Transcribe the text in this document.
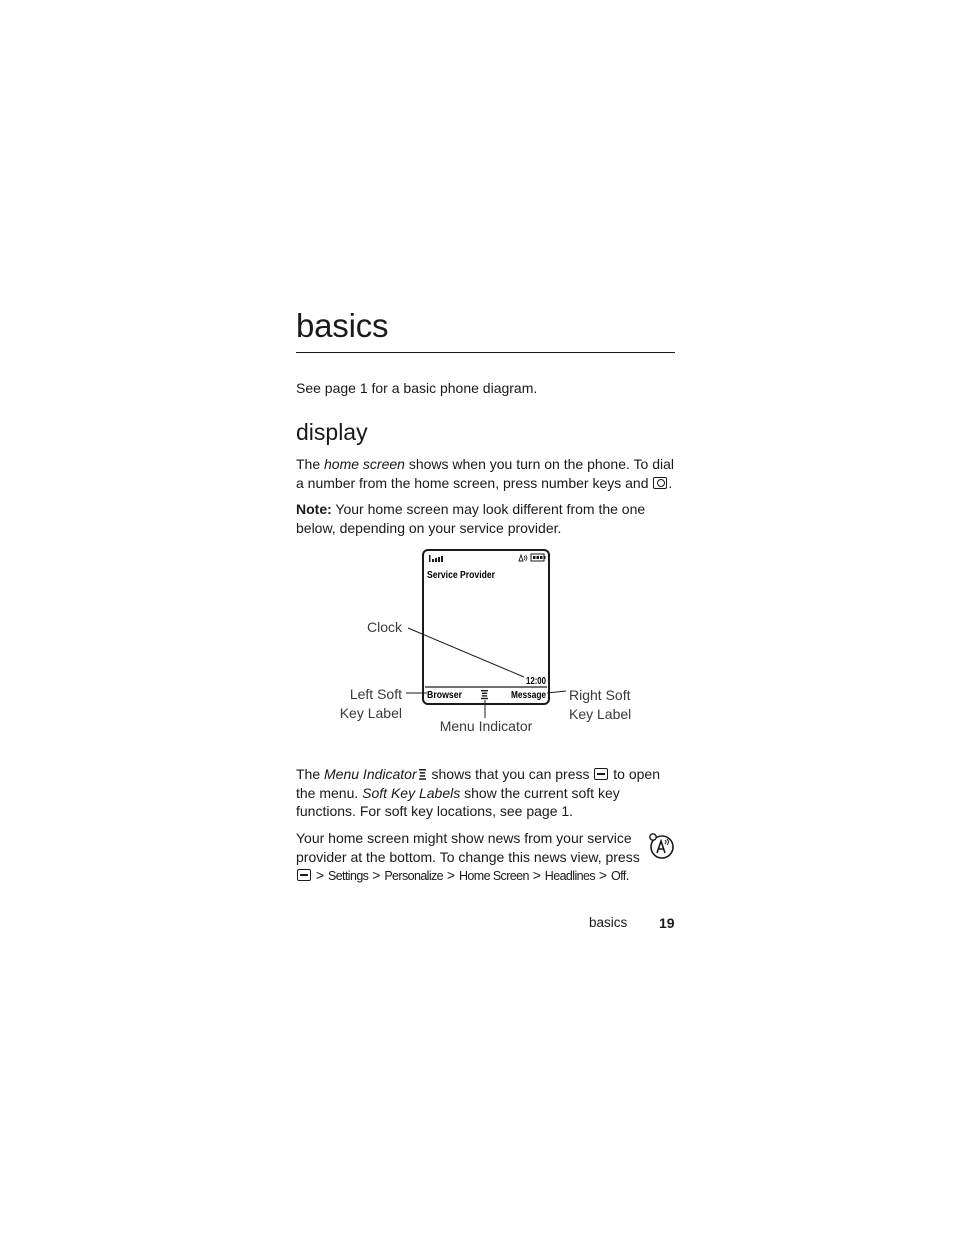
basics
See page 1 for a basic phone diagram.
display
The home screen shows when you turn on the phone. To dial a number from the home screen, press number keys and .
Note: Your home screen may look different from the one below, depending on your service provider.
Service Provider
12:00
Browser	Message
Clock
Left Soft
Key Label
Right Soft
Key Label
Menu Indicator
The Menu Indicator shows that you can press  to open the menu. Soft Key Labels show the current soft key functions. For soft key locations, see page 1.
Your home screen might show news from your service provider at the bottom. To change this news view, press
> Settings > Personalize > Home Screen > Headlines > Off.
basics 19
